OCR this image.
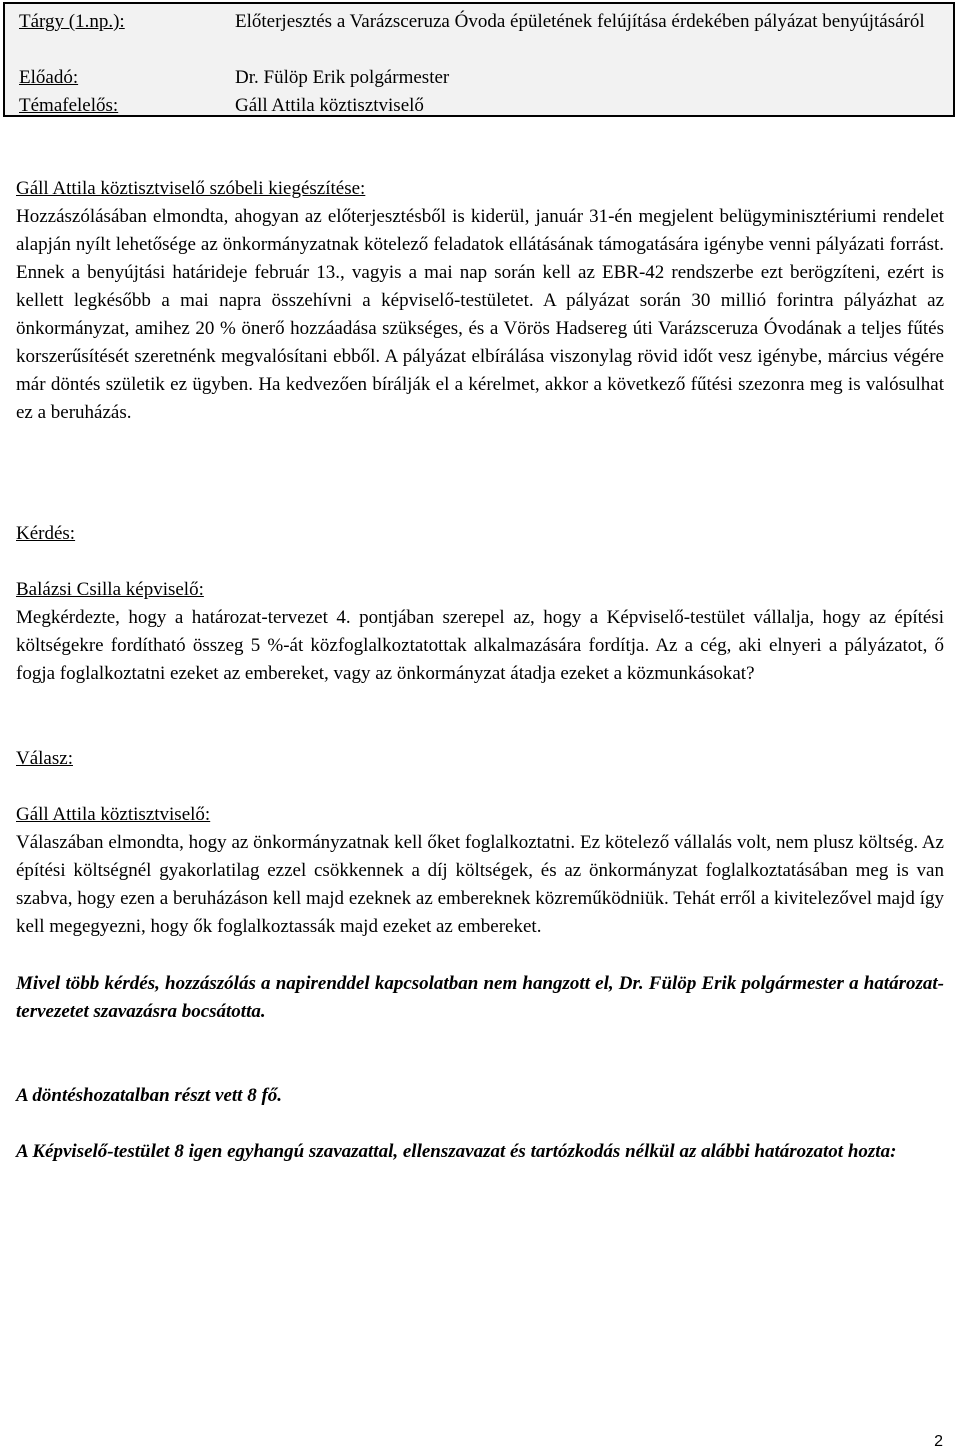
Tárgy (1.np.):	Előterjesztés a Varázsceruza Óvoda épületének felújítása érdekében pályázat benyújtásáról
Előadó:	Dr. Fülöp Erik polgármester
Témafelelős:	Gáll Attila köztisztviselő
Gáll Attila köztisztviselő szóbeli kiegészítése:
Hozzászólásában elmondta, ahogyan az előterjesztésből is kiderül, január 31-én megjelent belügyminisztériumi rendelet alapján nyílt lehetősége az önkormányzatnak kötelező feladatok ellátásának támogatására igénybe venni pályázati forrást. Ennek a benyújtási határideje február 13., vagyis a mai nap során kell az EBR-42 rendszerbe ezt berögzíteni, ezért is kellett legkésőbb a mai napra összehívni a képviselő-testületet. A pályázat során 30 millió forintra pályázhat az önkormányzat, amihez 20 % önerő hozzáadása szükséges, és a Vörös Hadsereg úti Varázsceruza Óvodának a teljes fűtés korszerűsítését szeretnénk megvalósítani ebből. A pályázat elbírálása viszonylag rövid időt vesz igénybe, március végére már döntés születik ez ügyben. Ha kedvezően bírálják el a kérelmet, akkor a következő fűtési szezonra meg is valósulhat ez a beruházás.
Kérdés:
Balázsi Csilla képviselő:
Megkérdezte, hogy a határozat-tervezet 4. pontjában szerepel az, hogy a Képviselő-testület vállalja, hogy az építési költségekre fordítható összeg 5 %-át közfoglalkoztatottak alkalmazására fordítja. Az a cég, aki elnyeri a pályázatot, ő fogja foglalkoztatni ezeket az embereket, vagy az önkormányzat átadja ezeket a közmunkásokat?
Válasz:
Gáll Attila köztisztviselő:
Válaszában elmondta, hogy az önkormányzatnak kell őket foglalkoztatni. Ez kötelező vállalás volt, nem plusz költség. Az építési költségnél gyakorlatilag ezzel csökkennek a díj költségek, és az önkormányzat foglalkoztatásában meg is van szabva, hogy ezen a beruházáson kell majd ezeknek az embereknek közreműködniük. Tehát erről a kivitelezővel majd így kell megegyezni, hogy ők foglalkoztassák majd ezeket az embereket.
Mivel több kérdés, hozzászólás a napirenddel kapcsolatban nem hangzott el, Dr. Fülöp Erik polgármester a határozat-tervezetet szavazásra bocsátotta.
A döntéshozatalban részt vett 8 fő.
A Képviselő-testület 8 igen egyhangú szavazattal, ellenszavazat és tartózkodás nélkül az alábbi határozatot hozta:
2
